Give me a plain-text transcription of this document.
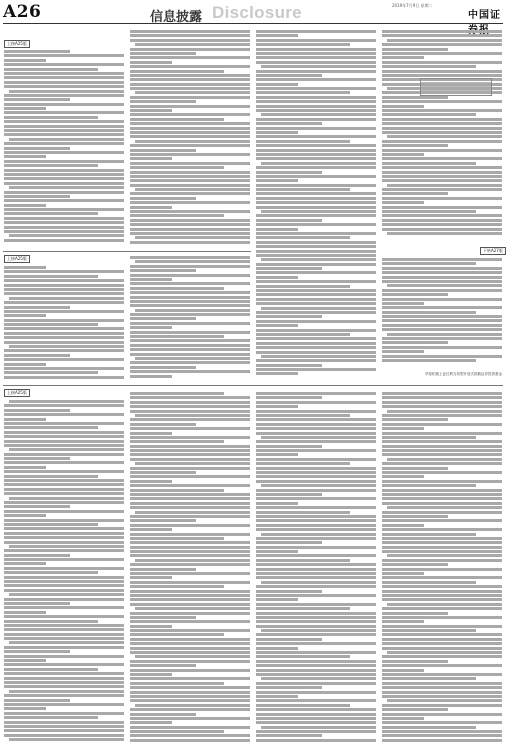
A26	信息披露 Disclosure	2019年7月9日 星期二
中国证
上接A25版
上接A25版
上接A25版
下转A27版
华泰柏瑞上证红利交易型开放式指数证券投资基金
